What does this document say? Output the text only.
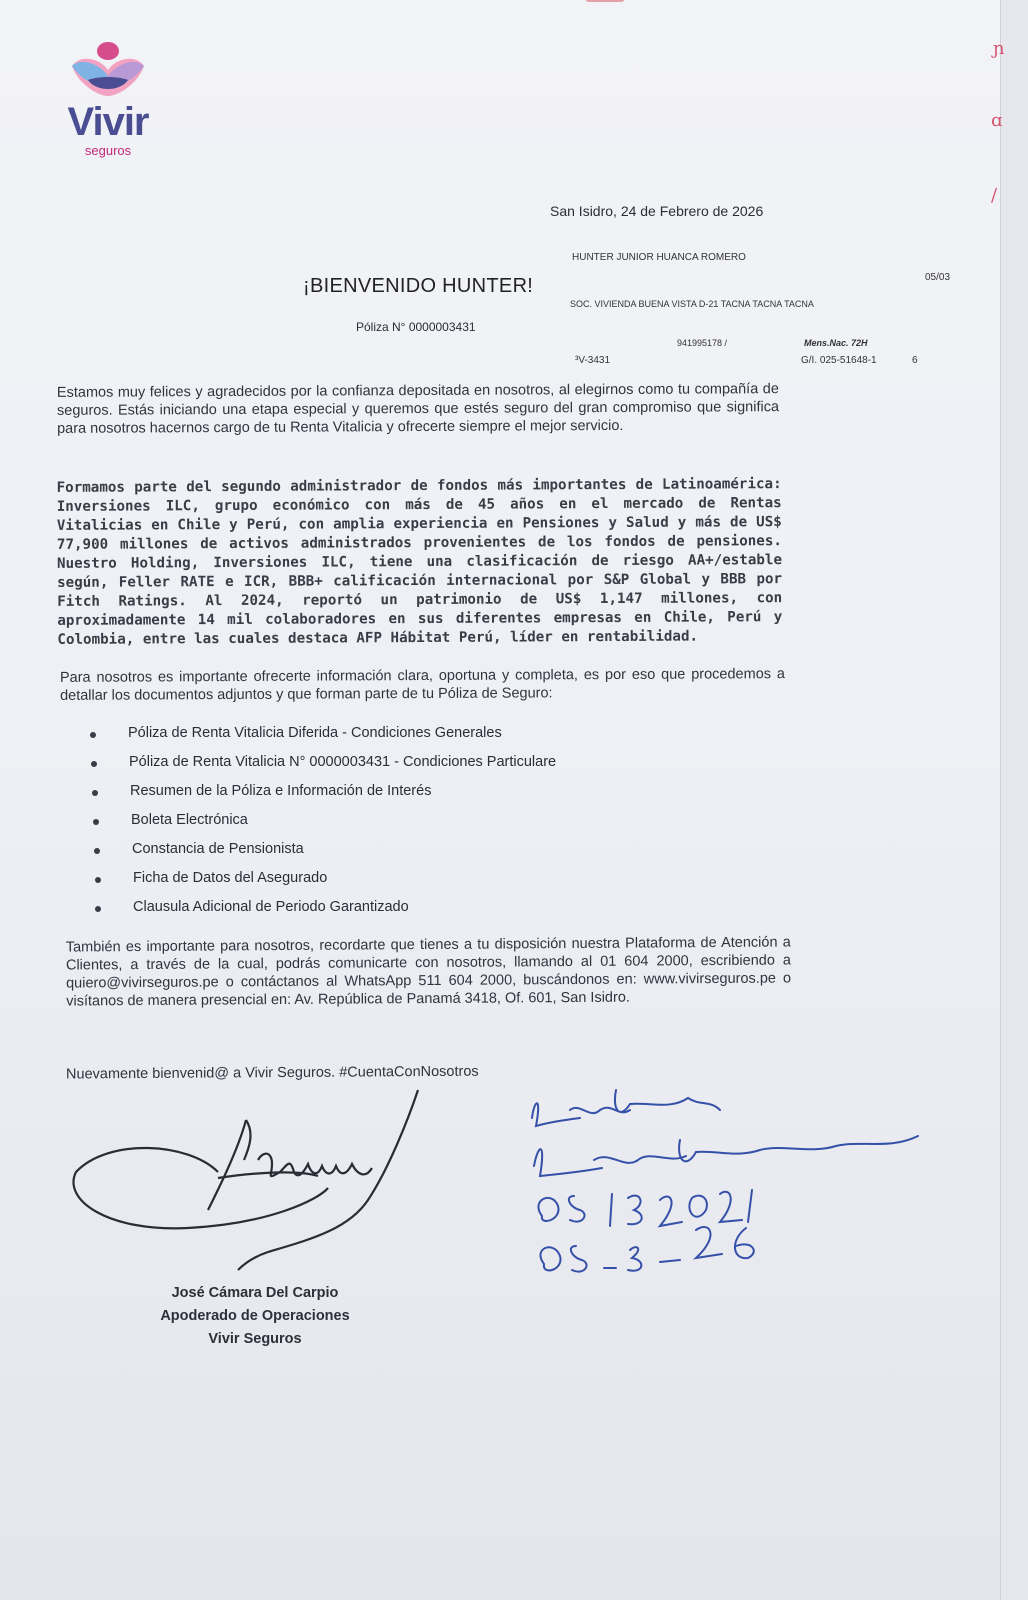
ɲ
ɑ
/
Vivir
seguros
San Isidro, 24 de Febrero de 2026
¡BIENVENIDO HUNTER!
Póliza N° 0000003431
HUNTER JUNIOR HUANCA ROMERO
SOC. VIVIENDA BUENA VISTA D-21 TACNA TACNA TACNA
941995178 /
³V-3431
Mens.Nac. 72H
G/I. 025-51648-1	6
05/03
Estamos muy felices y agradecidos por la confianza depositada en nosotros, al elegirnos como tu compañía de seguros. Estás iniciando una etapa especial y queremos que estés seguro del gran compromiso que significa para nosotros hacernos cargo de tu Renta Vitalicia y ofrecerte siempre el mejor servicio.
Formamos parte del segundo administrador de fondos más importantes de Latinoamérica: Inversiones ILC, grupo económico con más de 45 años en el mercado de Rentas Vitalicias en Chile y Perú, con amplia experiencia en Pensiones y Salud y más de US$ 77,900 millones de activos administrados provenientes de los fondos de pensiones. Nuestro Holding, Inversiones ILC, tiene una clasificación de riesgo AA+/estable según, Feller RATE e ICR, BBB+ calificación internacional por S&P Global y BBB por Fitch Ratings. Al 2024, reportó un patrimonio de US$ 1,147 millones, con aproximadamente 14 mil colaboradores en sus diferentes empresas en Chile, Perú y Colombia, entre las cuales destaca AFP Hábitat Perú, líder en rentabilidad.
Para nosotros es importante ofrecerte información clara, oportuna y completa, es por eso que procedemos a detallar los documentos adjuntos y que forman parte de tu Póliza de Seguro:
Póliza de Renta Vitalicia Diferida - Condiciones Generales
Póliza de Renta Vitalicia N° 0000003431 - Condiciones Particulare
Resumen de la Póliza e Información de Interés
Boleta Electrónica
Constancia de Pensionista
Ficha de Datos del Asegurado
Clausula Adicional de Periodo Garantizado
También es importante para nosotros, recordarte que tienes a tu disposición nuestra Plataforma de Atención a Clientes, a través de la cual, podrás comunicarte con nosotros, llamando al 01 604 2000, escribiendo a quiero@vivirseguros.pe o contáctanos al WhatsApp 511 604 2000, buscándonos en: www.vivirseguros.pe o visítanos de manera presencial en: Av. República de Panamá 3418, Of. 601, San Isidro.
Nuevamente bienvenid@ a Vivir Seguros. #CuentaConNosotros
José Cámara Del Carpio
Apoderado de Operaciones
Vivir Seguros
